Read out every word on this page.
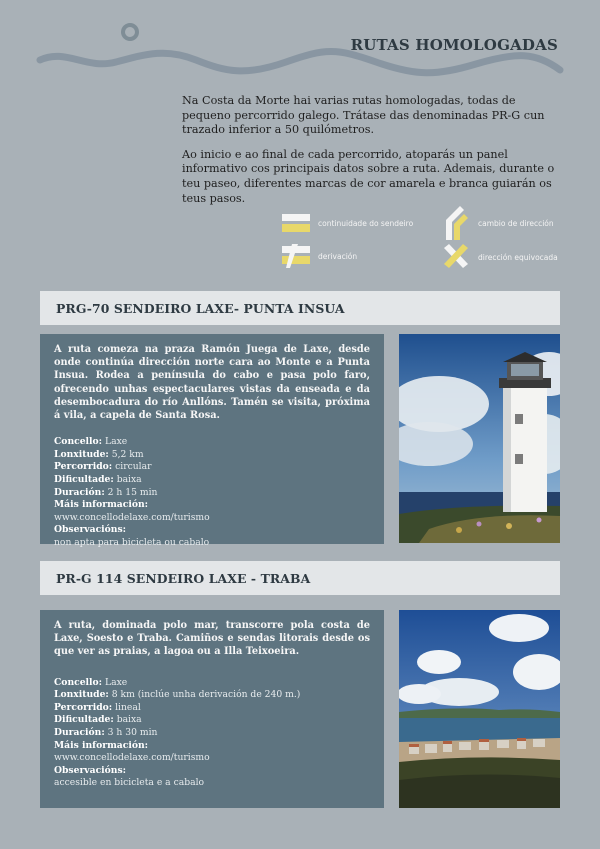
RUTAS HOMOLOGADAS

Na Costa da Morte hai varias rutas homologadas, todas de pequeno percorrido galego. Trátase das denominadas PR-G cun trazado inferior a 50 quilómetros.

Ao inicio e ao final de cada percorrido, atoparás un panel informativo cos principais datos sobre a ruta. Ademais, durante o teu paseo, diferentes marcas de cor amarela e branca guiarán os teus pasos.

continuidade do sendeiro	cambio de dirección
derivación	dirección equivocada
PRG-70 SENDEIRO LAXE- PUNTA INSUA
A ruta comeza na praza Ramón Juega de Laxe, desde onde continúa dirección norte cara ao Monte e a Punta Insua. Rodea a península do cabo e pasa polo faro, ofrecendo unhas espectaculares vistas da enseada e da desembocadura do río Anllóns. Tamén se visita, próxima á vila, a capela de Santa Rosa.
Concello: Laxe
Lonxitude: 5,2 km
Percorrido: circular
Dificultade: baixa
Duración: 2 h 15 min
Máis información:
www.concellodelaxe.com/turismo
Observacións:
non apta para bicicleta ou cabalo
PR-G 114 SENDEIRO LAXE - TRABA
A ruta, dominada polo mar, transcorre pola costa de Laxe, Soesto e Traba. Camiños e sendas litorais desde os que ver as praias, a lagoa ou a Illa Teixoeira.
Concello: Laxe
Lonxitude: 8 km (inclúe unha derivación de 240 m.)
Percorrido: lineal
Dificultade: baixa
Duración: 3 h 30 min
Máis información:
www.concellodelaxe.com/turismo
Observacións:
accesible en bicicleta e a cabalo
